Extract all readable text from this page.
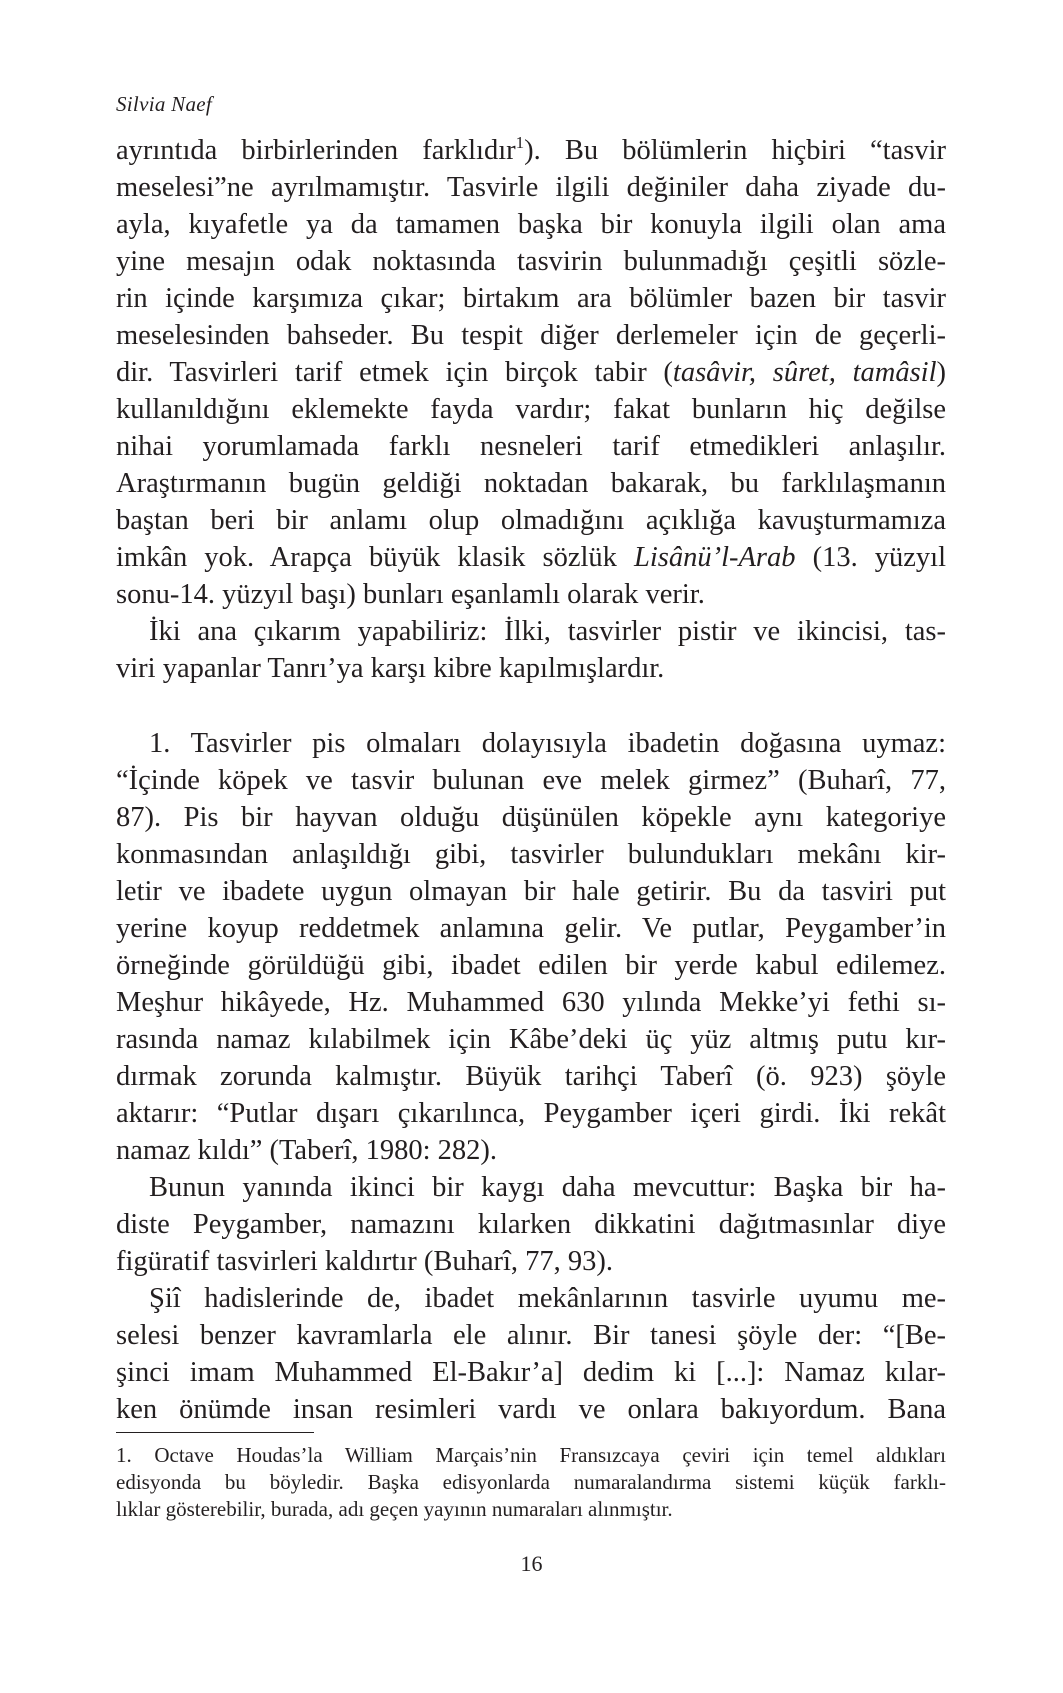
Silvia Naef
ayrıntıda birbirlerinden farklıdır$^1$). Bu bölümlerin hiçbiri “tasvir
meselesi”ne ayrılmamıştır. Tasvirle ilgili değiniler daha ziyade du-
ayla, kıyafetle ya da tamamen başka bir konuyla ilgili olan ama
yine mesajın odak noktasında tasvirin bulunmadığı çeşitli sözle-
rin içinde karşımıza çıkar; birtakım ara bölümler bazen bir tasvir
meselesinden bahseder. Bu tespit diğer derlemeler için de geçerli-
dir. Tasvirleri tarif etmek için birçok tabir (tasâvir, sûret, tamâsil)
kullanıldığını eklemekte fayda vardır; fakat bunların hiç değilse
nihai yorumlamada farklı nesneleri tarif etmedikleri anlaşılır.
Araştırmanın bugün geldiği noktadan bakarak, bu farklılaşmanın
baştan beri bir anlamı olup olmadığını açıklığa kavuşturmamıza
imkân yok. Arapça büyük klasik sözlük Lisânü’l-Arab (13. yüzyıl
sonu-14. yüzyıl başı) bunları eşanlamlı olarak verir.
İki ana çıkarım yapabiliriz: İlki, tasvirler pistir ve ikincisi, tas-
viri yapanlar Tanrı’ya karşı kibre kapılmışlardır.
1. Tasvirler pis olmaları dolayısıyla ibadetin doğasına uymaz:
“İçinde köpek ve tasvir bulunan eve melek girmez” (Buharî, 77,
87). Pis bir hayvan olduğu düşünülen köpekle aynı kategoriye
konmasından anlaşıldığı gibi, tasvirler bulundukları mekânı kir-
letir ve ibadete uygun olmayan bir hale getirir. Bu da tasviri put
yerine koyup reddetmek anlamına gelir. Ve putlar, Peygamber’in
örneğinde görüldüğü gibi, ibadet edilen bir yerde kabul edilemez.
Meşhur hikâyede, Hz. Muhammed 630 yılında Mekke’yi fethi sı-
rasında namaz kılabilmek için Kâbe’deki üç yüz altmış putu kır-
dırmak zorunda kalmıştır. Büyük tarihçi Taberî (ö. 923) şöyle
aktarır: “Putlar dışarı çıkarılınca, Peygamber içeri girdi. İki rekât
namaz kıldı” (Taberî, 1980: 282).
Bunun yanında ikinci bir kaygı daha mevcuttur: Başka bir ha-
diste Peygamber, namazını kılarken dikkatini dağıtmasınlar diye
figüratif tasvirleri kaldırtır (Buharî, 77, 93).
Şiî hadislerinde de, ibadet mekânlarının tasvirle uyumu me-
selesi benzer kavramlarla ele alınır. Bir tanesi şöyle der: “[Be-
şinci imam Muhammed El-Bakır’a] dedim ki [...]: Namaz kılar-
ken önümde insan resimleri vardı ve onlara bakıyordum. Bana
1. Octave Houdas’la William Marçais’nin Fransızcaya çeviri için temel aldıkları
edisyonda bu böyledir. Başka edisyonlarda numaralandırma sistemi küçük farklı-
lıklar gösterebilir, burada, adı geçen yayının numaraları alınmıştır.
16
